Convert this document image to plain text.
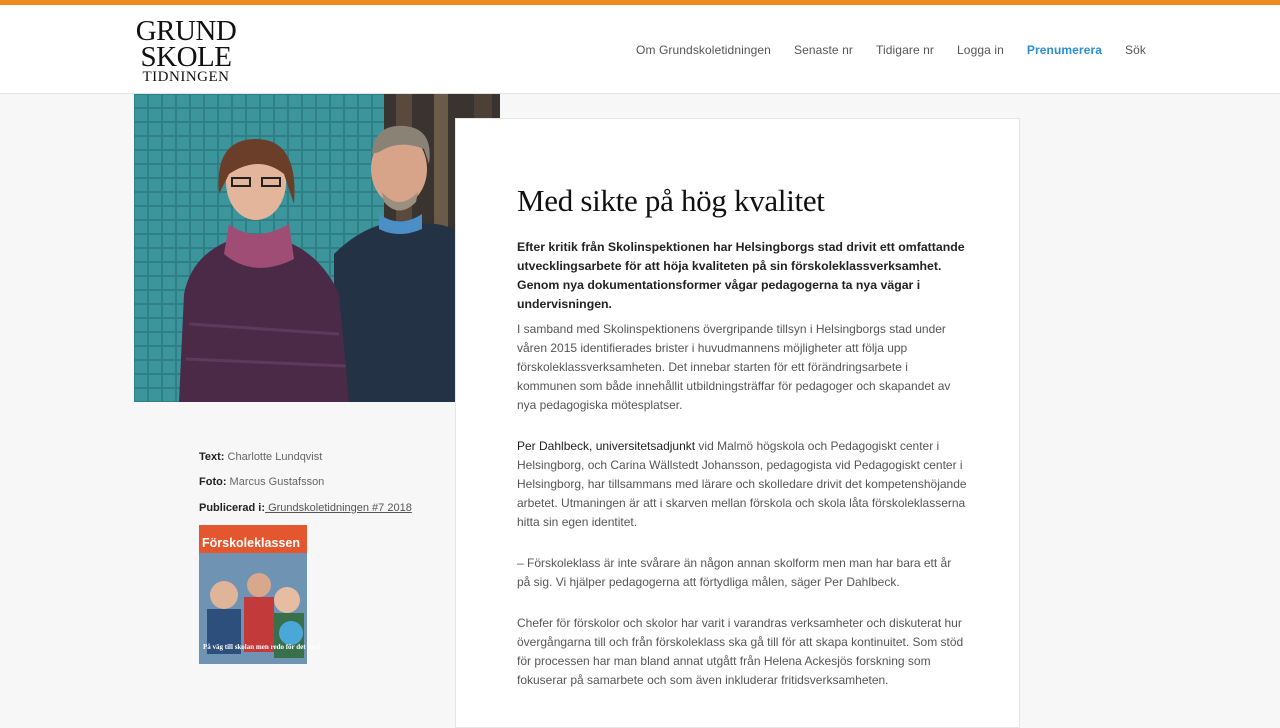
GRUND
SKOLE
TIDNINGEN
Om Grundskoletidningen Senaste nr Tidigare nr Logga in Prenumerera Sök
Text: Charlotte Lundqvist
Foto: Marcus Gustafsson
Publicerad i: Grundskoletidningen #7 2018
Förskoleklassen
På väg till skolan men redo för det nya!
Med sikte på hög kvalitet

Efter kritik från Skolinspektionen har Helsingborgs stad drivit ett omfattande utvecklingsarbete för att höja kvaliteten på sin förskoleklassverksamhet. Genom nya dokumentationsformer vågar pedagogerna ta nya vägar i undervisningen.

I samband med Skolinspektionens övergripande tillsyn i Helsingborgs stad under våren 2015 identifierades brister i huvudmannens möjligheter att följa upp förskoleklassverksamheten. Det innebar starten för ett förändringsarbete i kommunen som både innehållit utbildningsträffar för pedagoger och skapandet av nya pedagogiska mötesplatser.

Per Dahlbeck, universitetsadjunkt vid Malmö högskola och Pedagogiskt center i Helsingborg, och Carina Wällstedt Johansson, pedagogista vid Pedagogiskt center i Helsingborg, har tillsammans med lärare och skolledare drivit det kompetenshöjande arbetet. Utmaningen är att i skarven mellan förskola och skola låta förskoleklasserna hitta sin egen identitet.

– Förskoleklass är inte svårare än någon annan skolform men man har bara ett år på sig. Vi hjälper pedagogerna att förtydliga målen, säger Per Dahlbeck.

Chefer för förskolor och skolor har varit i varandras verksamheter och diskuterat hur övergångarna till och från förskoleklass ska gå till för att skapa kontinuitet. Som stöd för processen har man bland annat utgått från Helena Ackesjös forskning som fokuserar på samarbete och som även inkluderar fritidsverksamheten.
